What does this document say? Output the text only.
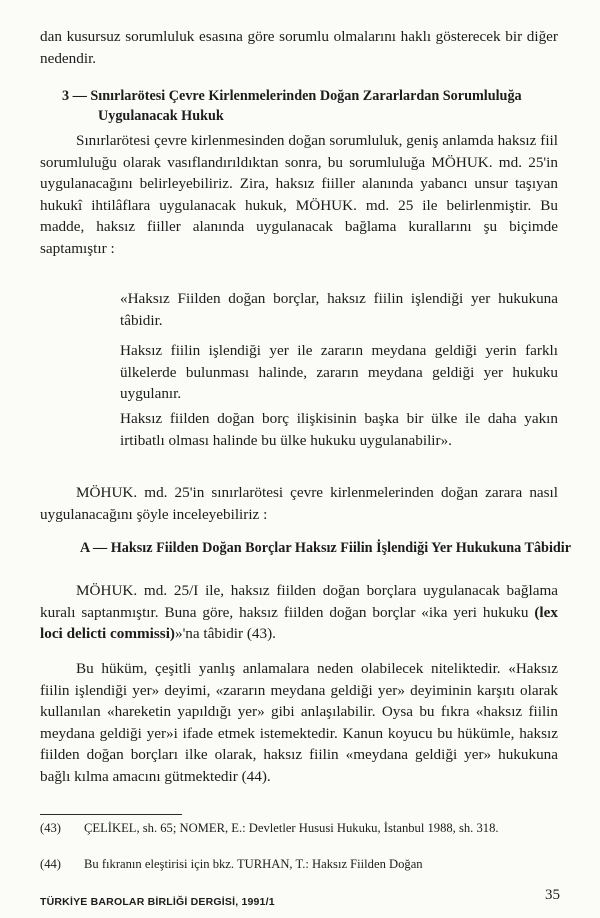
dan kusursuz sorumluluk esasına göre sorumlu olmalarını haklı gösterecek bir diğer nedendir.

3 — Sınırlarötesi Çevre Kirlenmelerinden Doğan Zararlardan Sorumluluğa Uygulanacak Hukuk

Sınırlarötesi çevre kirlenmesinden doğan sorumluluk, geniş anlamda haksız fiil sorumluluğu olarak vasıflandırıldıktan sonra, bu sorumluluğa MÖHUK. md. 25'in uygulanacağını belirleyebiliriz. Zira, haksız fiiller alanında yabancı unsur taşıyan hukukî ihtilâflara uygulanacak hukuk, MÖHUK. md. 25 ile belirlenmiştir. Bu madde, haksız fiiller alanında uygulanacak bağlama kurallarını şu biçimde saptamıştır :

«Haksız Fiilden doğan borçlar, haksız fiilin işlendiği yer hukukuna tâbidir.

Haksız fiilin işlendiği yer ile zararın meydana geldiği yerin farklı ülkelerde bulunması halinde, zararın meydana geldiği yer hukuku uygulanır.

Haksız fiilden doğan borç ilişkisinin başka bir ülke ile daha yakın irtibatlı olması halinde bu ülke hukuku uygulanabilir».

MÖHUK. md. 25'in sınırlarötesi çevre kirlenmelerinden doğan zarara nasıl uygulanacağını şöyle inceleyebiliriz :

A — Haksız Fiilden Doğan Borçlar Haksız Fiilin İşlendiği Yer Hukukuna Tâbidir

MÖHUK. md. 25/I ile, haksız fiilden doğan borçlara uygulanacak bağlama kuralı saptanmıştır. Buna göre, haksız fiilden doğan borçlar «ika yeri hukuku (lex loci delicti commissi)»'na tâbidir (43).

Bu hüküm, çeşitli yanlış anlamalara neden olabilecek niteliktedir. «Haksız fiilin işlendiği yer» deyimi, «zararın meydana geldiği yer» deyiminin karşıtı olarak kullanılan «hareketin yapıldığı yer» gibi anlaşılabilir. Oysa bu fıkra «haksız fiilin meydana geldiği yer»i ifade etmek istemektedir. Kanun koyucu bu hükümle, haksız fiilden doğan borçları ilke olarak, haksız fiilin «meydana geldiği yer» hukukuna bağlı kılma amacını gütmektedir (44).

(43)	ÇELİKEL, sh. 65; NOMER, E.: Devletler Hususi Hukuku, İstanbul 1988, sh. 318.
(44)	Bu fıkranın eleştirisi için bkz. TURHAN, T.: Haksız Fiilden Doğan
TÜRKİYE BAROLAR BİRLİĞİ DERGİSİ, 1991/1	35
